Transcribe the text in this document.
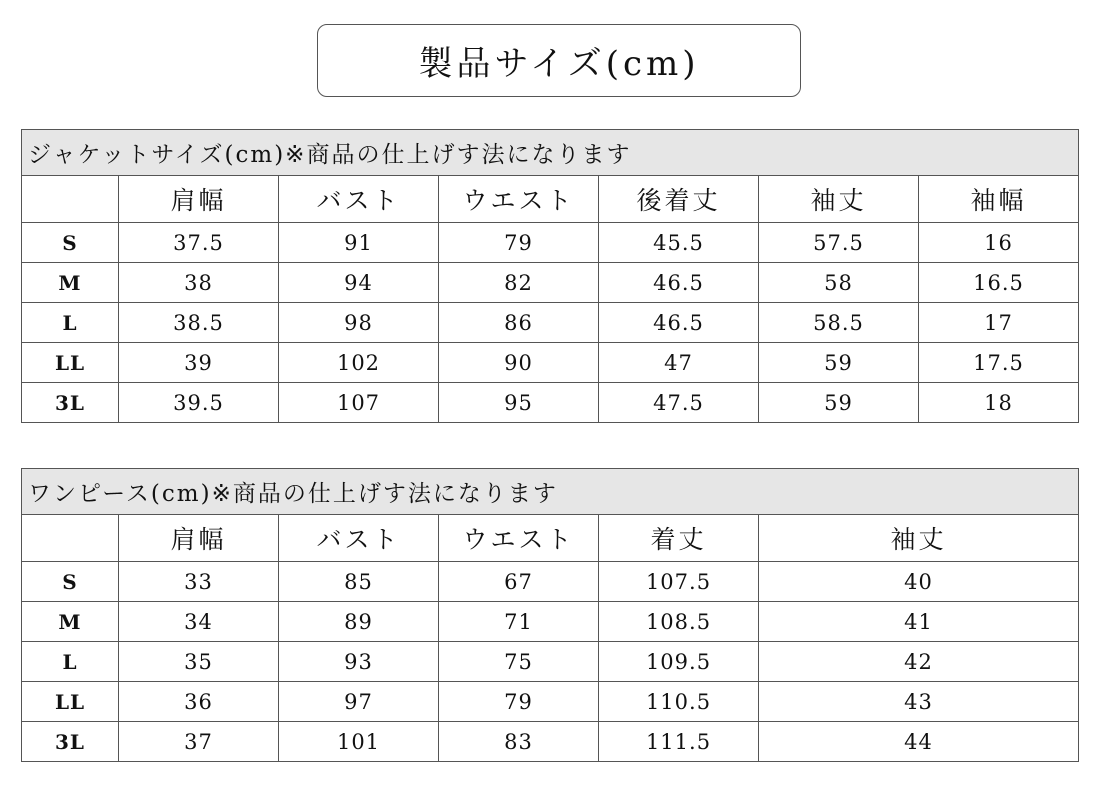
製品サイズ(cm)
ジャケットサイズ(cm)※商品の仕上げす法になります						
	肩幅	バスト	ウエスト	後着丈	袖丈	袖幅
S	37.5	91	79	45.5	57.5	16
M	38	94	82	46.5	58	16.5
L	38.5	98	86	46.5	58.5	17
LL	39	102	90	47	59	17.5
3L	39.5	107	95	47.5	59	18
ワンピース(cm)※商品の仕上げす法になります					
	肩幅	バスト	ウエスト	着丈	袖丈
S	33	85	67	107.5	40
M	34	89	71	108.5	41
L	35	93	75	109.5	42
LL	36	97	79	110.5	43
3L	37	101	83	111.5	44
